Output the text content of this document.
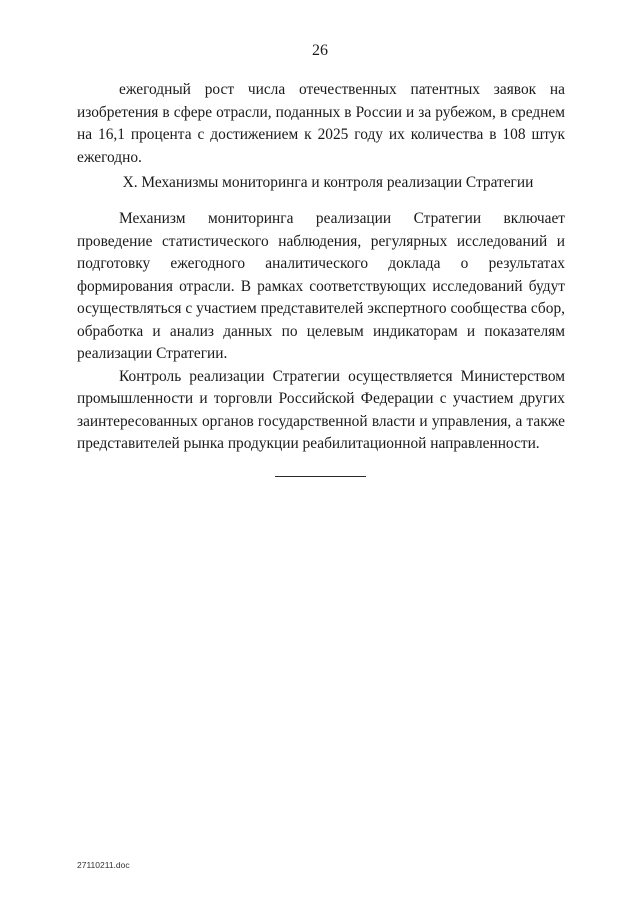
26

ежегодный рост числа отечественных патентных заявок на изобретения в сфере отрасли, поданных в России и за рубежом, в среднем на 16,1 процента с достижением к 2025 году их количества в 108 штук ежегодно.

X. Механизмы мониторинга и контроля реализации Стратегии

Механизм мониторинга реализации Стратегии включает проведение статистического наблюдения, регулярных исследований и подготовку ежегодного аналитического доклада о результатах формирования отрасли. В рамках соответствующих исследований будут осуществляться с участием представителей экспертного сообщества сбор, обработка и анализ данных по целевым индикаторам и показателям реализации Стратегии.

Контроль реализации Стратегии осуществляется Министерством промышленности и торговли Российской Федерации с участием других заинтересованных органов государственной власти и управления, а также представителей рынка продукции реабилитационной направленности.

27110211.doc
